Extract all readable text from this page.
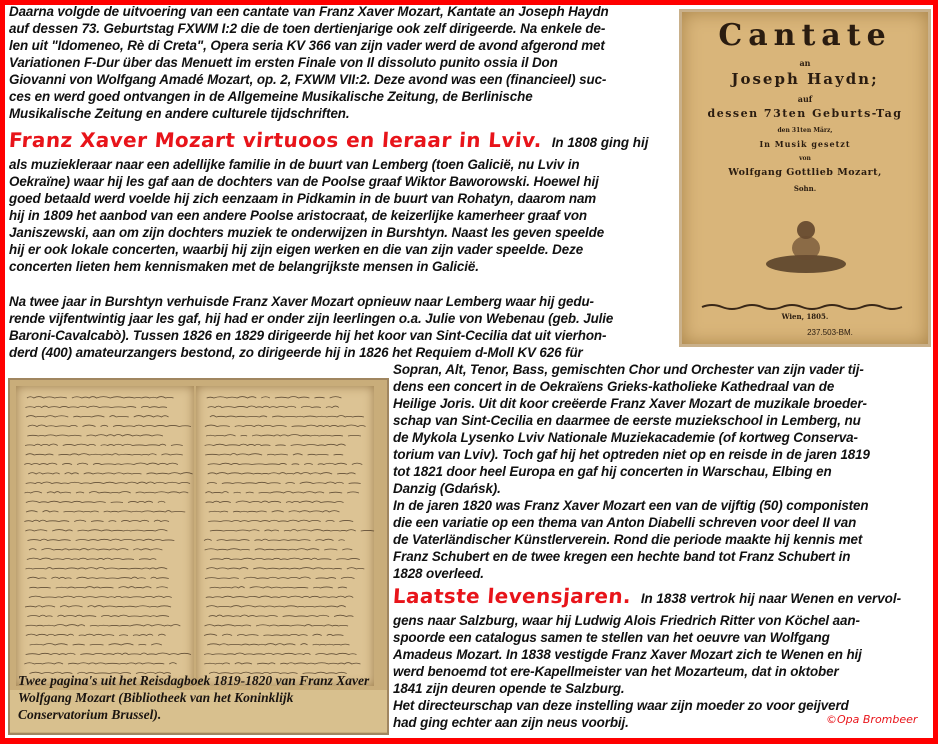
Daarna volgde de uitvoering van een cantate van Franz Xaver Mozart, Kantate an Joseph Haydn
auf dessen 73. Geburtstag FXWM I:2 die de toen dertienjarige ook zelf dirigeerde. Na enkele de-
len uit "Idomeneo, Rè di Creta", Opera seria KV 366 van zijn vader werd de avond afgerond met
Variationen F-Dur über das Menuett im ersten Finale von Il dissoluto punito ossia il Don
Giovanni von Wolfgang Amadé Mozart, op. 2, FXWM VII:2. Deze avond was een (financieel) suc-
ces en werd goed ontvangen in de Allgemeine Musikalische Zeitung, de Berlinische
Musikalische Zeitung en andere culturele tijdschriften.
Franz Xaver Mozart virtuoos en leraar in Lviv. In 1808 ging hij
als muziekleraar naar een adellijke familie in de buurt van Lemberg (toen Galicië, nu Lviv in
Oekraïne) waar hij les gaf aan de dochters van de Poolse graaf Wiktor Baworowski. Hoewel hij
goed betaald werd voelde hij zich eenzaam in Pidkamin in de buurt van Rohatyn, daarom nam
hij in 1809 het aanbod van een andere Poolse aristocraat, de keizerlijke kamerheer graaf von
Janiszewski, aan om zijn dochters muziek te onderwijzen in Burshtyn. Naast les geven speelde
hij er ook lokale concerten, waarbij hij zijn eigen werken en die van zijn vader speelde. Deze
concerten lieten hem kennismaken met de belangrijkste mensen in Galicië.
Na twee jaar in Burshtyn verhuisde Franz Xaver Mozart opnieuw naar Lemberg waar hij gedu-
rende vijfentwintig jaar les gaf, hij had er onder zijn leerlingen o.a. Julie von Webenau (geb. Julie
Baroni-Cavalcabò). Tussen 1826 en 1829 dirigeerde hij het koor van Sint-Cecilia dat uit vierhon-
derd (400) amateurzangers bestond, zo dirigeerde hij in 1826 het Requiem d-Moll KV 626 für
Sopran, Alt, Tenor, Bass, gemischten Chor und Orchester van zijn vader tij-
dens een concert in de Oekraïens Grieks-katholieke Kathedraal van de
Heilige Joris. Uit dit koor creëerde Franz Xaver Mozart de muzikale broeder-
schap van Sint-Cecilia en daarmee de eerste muziekschool in Lemberg, nu
de Mykola Lysenko Lviv Nationale Muziekacademie (of kortweg Conserva-
torium van Lviv). Toch gaf hij het optreden niet op en reisde in de jaren 1819
tot 1821 door heel Europa en gaf hij concerten in Warschau, Elbing en
Danzig (Gdańsk).
In de jaren 1820 was Franz Xaver Mozart een van de vijftig (50) componisten
die een variatie op een thema van Anton Diabelli schreven voor deel II van
de Vaterländischer Künstlerverein. Rond die periode maakte hij kennis met
Franz Schubert en de twee kregen een hechte band tot Franz Schubert in
1828 overleed.
Laatste levensjaren. In 1838 vertrok hij naar Wenen en vervol-
gens naar Salzburg, waar hij Ludwig Alois Friedrich Ritter von Köchel aan-
spoorde een catalogus samen te stellen van het oeuvre van Wolfgang
Amadeus Mozart. In 1838 vestigde Franz Xaver Mozart zich te Wenen en hij
werd benoemd tot ere-Kapellmeister van het Mozarteum, dat in oktober
1841 zijn deuren opende te Salzburg.
Het directeurschap van deze instelling waar zijn moeder zo voor geijverd
had ging echter aan zijn neus voorbij.	©Opa Brombeer
Cantate
an
Joseph Haydn;
auf
dessen 73ten Geburts-Tag
den 31ten März,
In Musik gesetzt
von
Wolfgang Gottlieb Mozart,
Sohn.
Wien, 1805.
237.503-BM.
Twee pagina's uit het Reisdagboek 1819-1820 van Franz Xaver Wolfgang Mozart (Bibliotheek van het Koninklijk Conservatorium Brussel).
